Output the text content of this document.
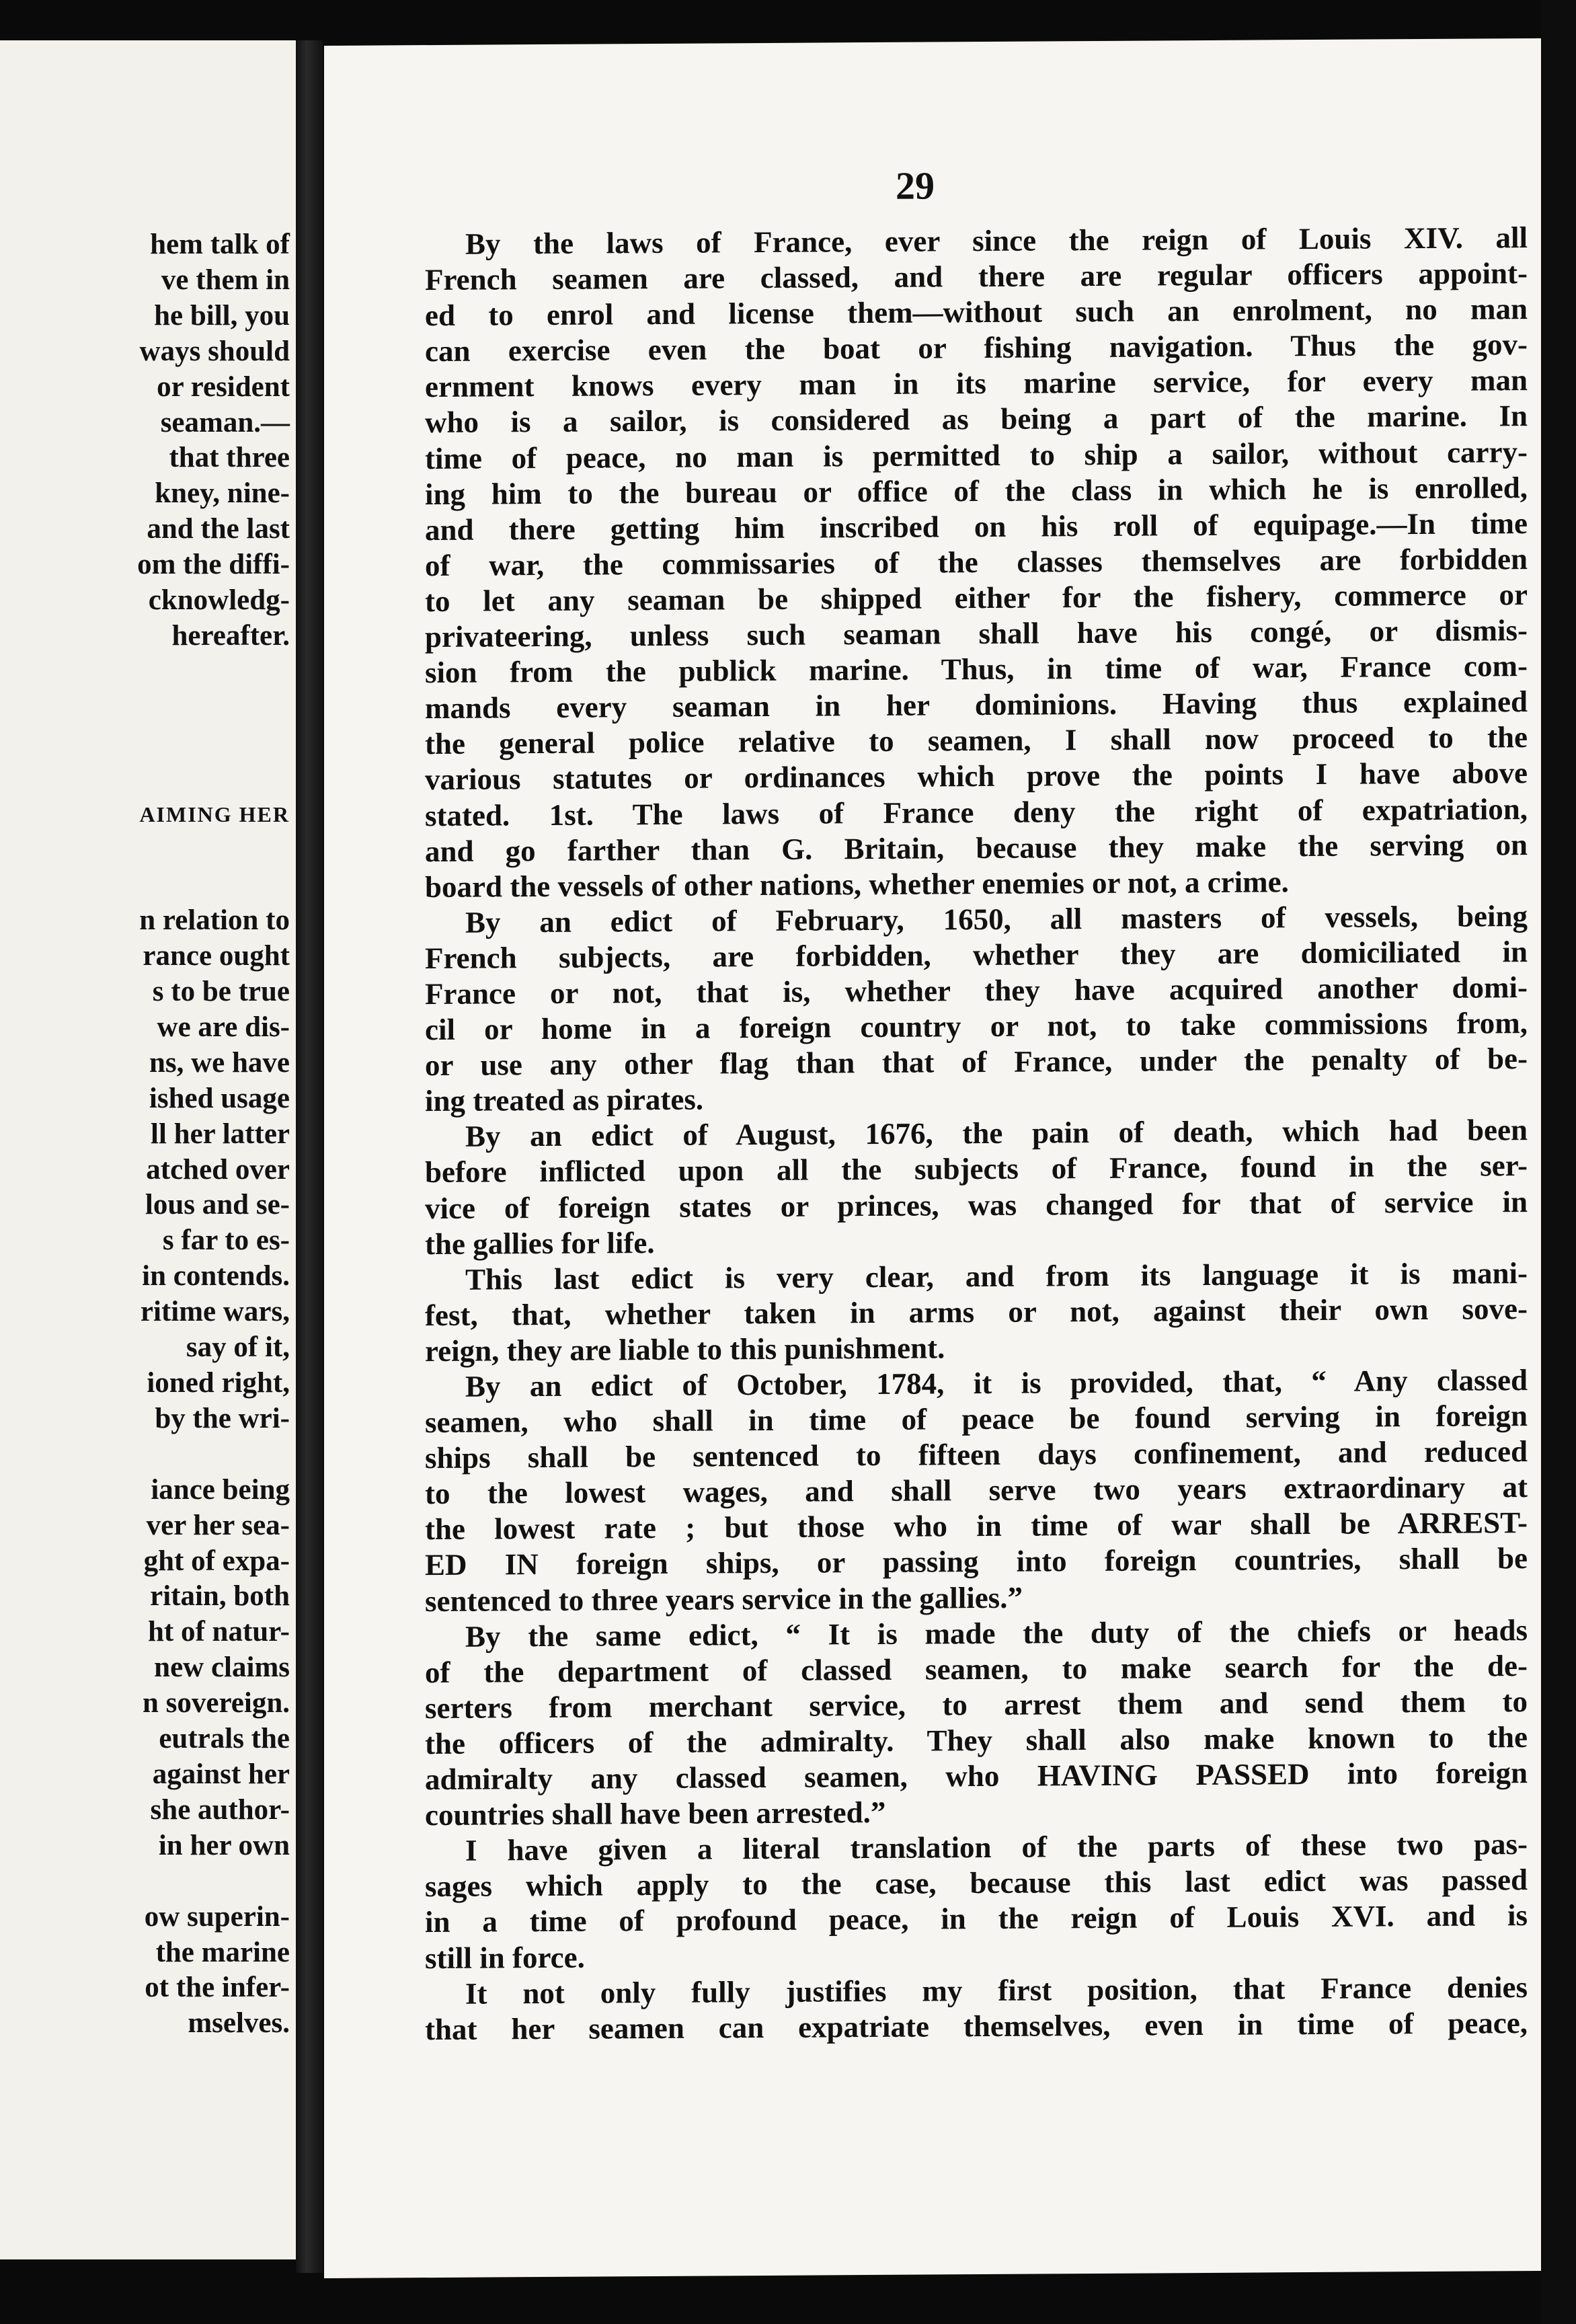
hem talk of
ve them in
he bill, you
ways should
or resident
seaman.—
that three
kney, nine-
and the last
om the diffi-
cknowledg-
hereafter.

AIMING HER

n relation to
rance ought
s to be true
we are dis-
ns, we have
ished usage
ll her latter
atched over
lous and se-
s far to es-
in contends.
ritime wars,
say of it,
ioned right,
by the wri-

iance being
ver her sea-
ght of expa-
ritain, both
ht of natur-
new claims
n sovereign.
eutrals the
against her
she author-
in her own

ow superin-
the marine
ot the infer-
mselves.
29
By the laws of France, ever since the reign of Louis XIV. all
French seamen are classed, and there are regular officers appoint-
ed to enrol and license them—without such an enrolment, no man
can exercise even the boat or fishing navigation. Thus the gov-
ernment knows every man in its marine service, for every man
who is a sailor, is considered as being a part of the marine. In
time of peace, no man is permitted to ship a sailor, without carry-
ing him to the bureau or office of the class in which he is enrolled,
and there getting him inscribed on his roll of equipage.—In time
of war, the commissaries of the classes themselves are forbidden
to let any seaman be shipped either for the fishery, commerce or
privateering, unless such seaman shall have his congé, or dismis-
sion from the publick marine. Thus, in time of war, France com-
mands every seaman in her dominions. Having thus explained
the general police relative to seamen, I shall now proceed to the
various statutes or ordinances which prove the points I have above
stated. 1st. The laws of France deny the right of expatriation,
and go farther than G. Britain, because they make the serving on
board the vessels of other nations, whether enemies or not, a crime.
By an edict of February, 1650, all masters of vessels, being
French subjects, are forbidden, whether they are domiciliated in
France or not, that is, whether they have acquired another domi-
cil or home in a foreign country or not, to take commissions from,
or use any other flag than that of France, under the penalty of be-
ing treated as pirates.
By an edict of August, 1676, the pain of death, which had been
before inflicted upon all the subjects of France, found in the ser-
vice of foreign states or princes, was changed for that of service in
the gallies for life.
This last edict is very clear, and from its language it is mani-
fest, that, whether taken in arms or not, against their own sove-
reign, they are liable to this punishment.
By an edict of October, 1784, it is provided, that, “ Any classed
seamen, who shall in time of peace be found serving in foreign
ships shall be sentenced to fifteen days confinement, and reduced
to the lowest wages, and shall serve two years extraordinary at
the lowest rate ; but those who in time of war shall be ARREST-
ED IN foreign ships, or passing into foreign countries, shall be
sentenced to three years service in the gallies.”
By the same edict, “ It is made the duty of the chiefs or heads
of the department of classed seamen, to make search for the de-
serters from merchant service, to arrest them and send them to
the officers of the admiralty. They shall also make known to the
admiralty any classed seamen, who HAVING PASSED into foreign
countries shall have been arrested.”
I have given a literal translation of the parts of these two pas-
sages which apply to the case, because this last edict was passed
in a time of profound peace, in the reign of Louis XVI. and is
still in force.
It not only fully justifies my first position, that France denies
that her seamen can expatriate themselves, even in time of peace,
